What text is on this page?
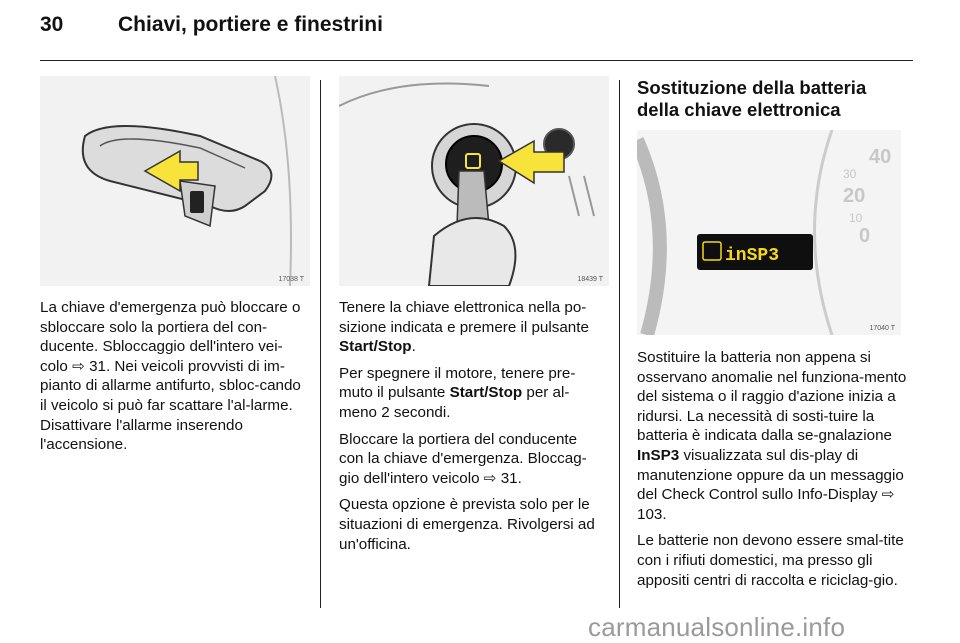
30	Chiavi, portiere e finestrini
17038 T	18439 T
40
30
20
10
0
inSP3
17040 T

La chiave d'emergenza può bloccare o sbloccare solo la portiera del con-ducente. Sbloccaggio dell'intero vei-colo ⇨ 31. Nei veicoli provvisti di im-pianto di allarme antifurto, sbloc-cando il veicolo si può far scattare l'al-larme. Disattivare l'allarme inserendo l'accensione.

Tenere la chiave elettronica nella po-sizione indicata e premere il pulsante Start/Stop.

Per spegnere il motore, tenere pre-muto il pulsante Start/Stop per al-meno 2 secondi.

Bloccare la portiera del conducente con la chiave d'emergenza. Bloccag-gio dell'intero veicolo ⇨ 31.

Questa opzione è prevista solo per le situazioni di emergenza. Rivolgersi ad un'officina.

Sostituzione della batteria della chiave elettronica

Sostituire la batteria non appena si osservano anomalie nel funziona-mento del sistema o il raggio d'azione inizia a ridursi. La necessità di sosti-tuire la batteria è indicata dalla se-gnalazione InSP3 visualizzata sul dis-play di manutenzione oppure da un messaggio del Check Control sullo Info-Display ⇨ 103.

Le batterie non devono essere smal-tite con i rifiuti domestici, ma presso gli appositi centri di raccolta e riciclag-gio.

carmanualsonline.info
